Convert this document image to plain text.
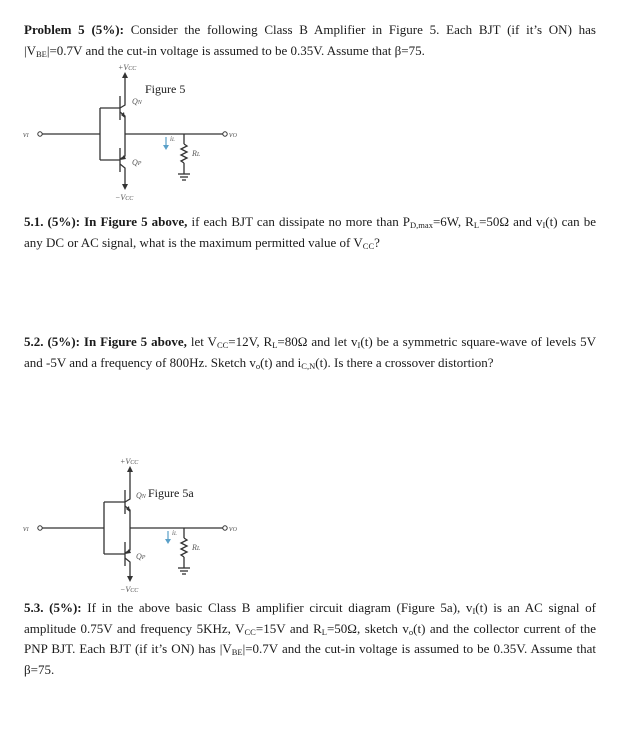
Problem 5 (5%): Consider the following Class B Amplifier in Figure 5. Each BJT (if it’s ON) has $|V_{BE}|=0.7V$ and the cut-in voltage is assumed to be 0.35V. Assume that β=75.
+VCC
−VCC
QN
QP
vI	vO
iL
RL
Figure 5
5.1. (5%): In Figure 5 above, if each BJT can dissipate no more than $P_{D,max}=6W$, $R_L=50\Omega$ and $v_I(t)$ can be any DC or AC signal, what is the maximum permitted value of $V_{CC}$?
5.2. (5%): In Figure 5 above, let $V_{CC}=12V$, $R_L=80\Omega$ and let $v_I(t)$ be a symmetric square-wave of levels 5V and -5V and a frequency of 800Hz. Sketch $v_o(t)$ and $i_{C,N}(t)$. Is there a crossover distortion?
+VCC
−VCC
QN
QP
vI	vO
iL
RL
Figure 5a
5.3. (5%): If in the above basic Class B amplifier circuit diagram (Figure 5a), $v_I(t)$ is an AC signal of amplitude 0.75V and frequency 5KHz, $V_{CC}=15V$ and $R_L=50\Omega$, sketch $v_o(t)$ and the collector current of the PNP BJT. Each BJT (if it’s ON) has $|V_{BE}|=0.7V$ and the cut-in voltage is assumed to be 0.35V. Assume that β=75.
